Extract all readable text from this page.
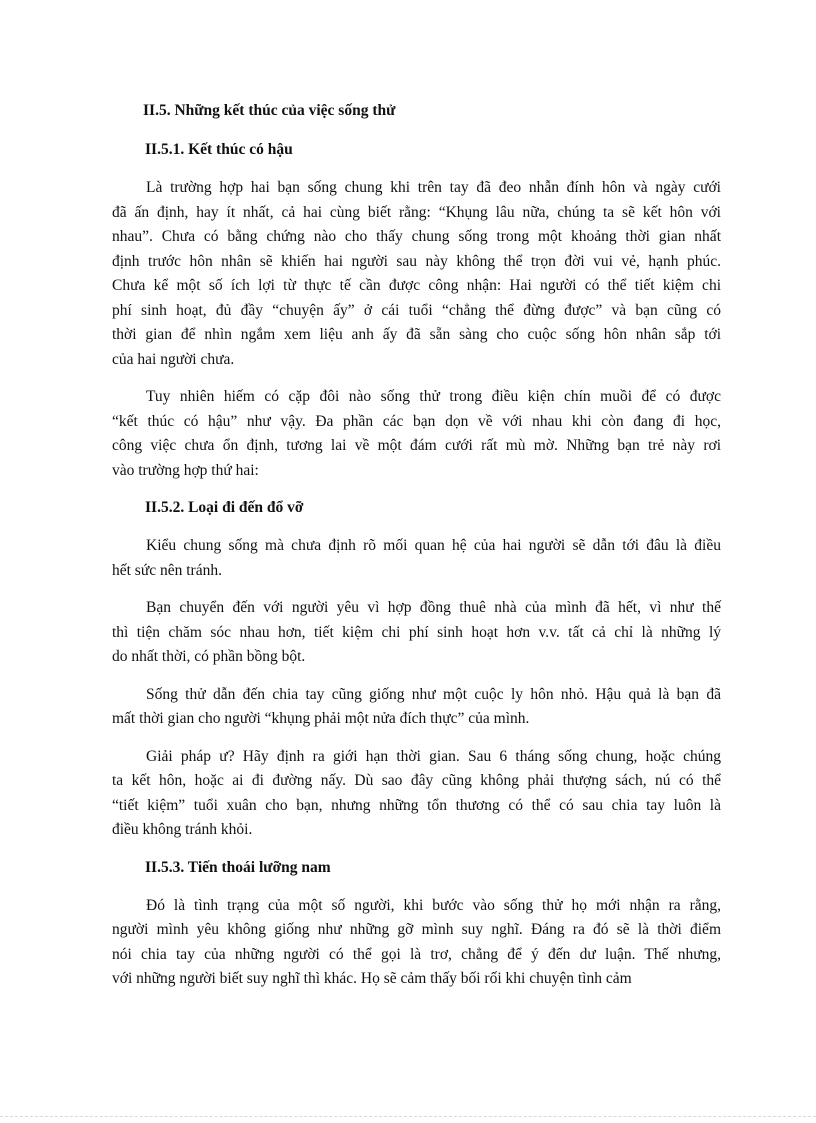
II.5. Những kết thúc của việc sống thử
II.5.1. Kết thúc có hậu
Là trường hợp hai bạn sống chung khi trên tay đã đeo nhẫn đính hôn và ngày cưới
đã ấn định, hay ít nhất, cả hai cùng biết rằng: “Khụng lâu nữa, chúng ta sẽ kết hôn với
nhau”. Chưa có bằng chứng nào cho thấy chung sống trong một khoảng thời gian nhất
định trước hôn nhân sẽ khiến hai người sau này không thể trọn đời vui vẻ, hạnh phúc.
Chưa kể một số ích lợi từ thực tế cần được công nhận: Hai người có thể tiết kiệm chi
phí sinh hoạt, đủ đầy “chuyện ấy” ở cái tuổi “chẳng thể đừng được” và bạn cũng có
thời gian để nhìn ngắm xem liệu anh ấy đã sẵn sàng cho cuộc sống hôn nhân sắp tới
của hai người chưa.
Tuy nhiên hiếm có cặp đôi nào sống thử trong điều kiện chín muồi để có được
“kết thúc có hậu” như vậy. Đa phần các bạn dọn về với nhau khi còn đang đi học,
công việc chưa ổn định, tương lai về một đám cưới rất mù mờ. Những bạn trẻ này rơi
vào trường hợp thứ hai:
II.5.2. Loại đi đến đổ vỡ
Kiểu chung sống mà chưa định rõ mối quan hệ của hai người sẽ dẫn tới đâu là điều
hết sức nên tránh.
Bạn chuyển đến với người yêu vì hợp đồng thuê nhà của mình đã hết, vì như thế
thì tiện chăm sóc nhau hơn, tiết kiệm chi phí sinh hoạt hơn v.v. tất cả chỉ là những lý
do nhất thời, có phần bồng bột.
Sống thử dẫn đến chia tay cũng giống như một cuộc ly hôn nhỏ. Hậu quả là bạn đã
mất thời gian cho người “khụng phải một nửa đích thực” của mình.
Giải pháp ư? Hãy định ra giới hạn thời gian. Sau 6 tháng sống chung, hoặc chúng
ta kết hôn, hoặc ai đi đường nấy. Dù sao đây cũng không phải thượng sách, nú có thể
“tiết kiệm” tuổi xuân cho bạn, nhưng những tổn thương có thể có sau chia tay luôn là
điều không tránh khỏi.
II.5.3. Tiến thoái lưỡng nam
Đó là tình trạng của một số người, khi bước vào sống thử họ mới nhận ra rằng,
người mình yêu không giống như những gỡ mình suy nghĩ. Đáng ra đó sẽ là thời điểm
nói chia tay của những người có thể gọi là trơ, chẳng để ý đến dư luận. Thế nhưng,
với những người biết suy nghĩ thì khác. Họ sẽ cảm thấy bối rối khi chuyện tình cảm
